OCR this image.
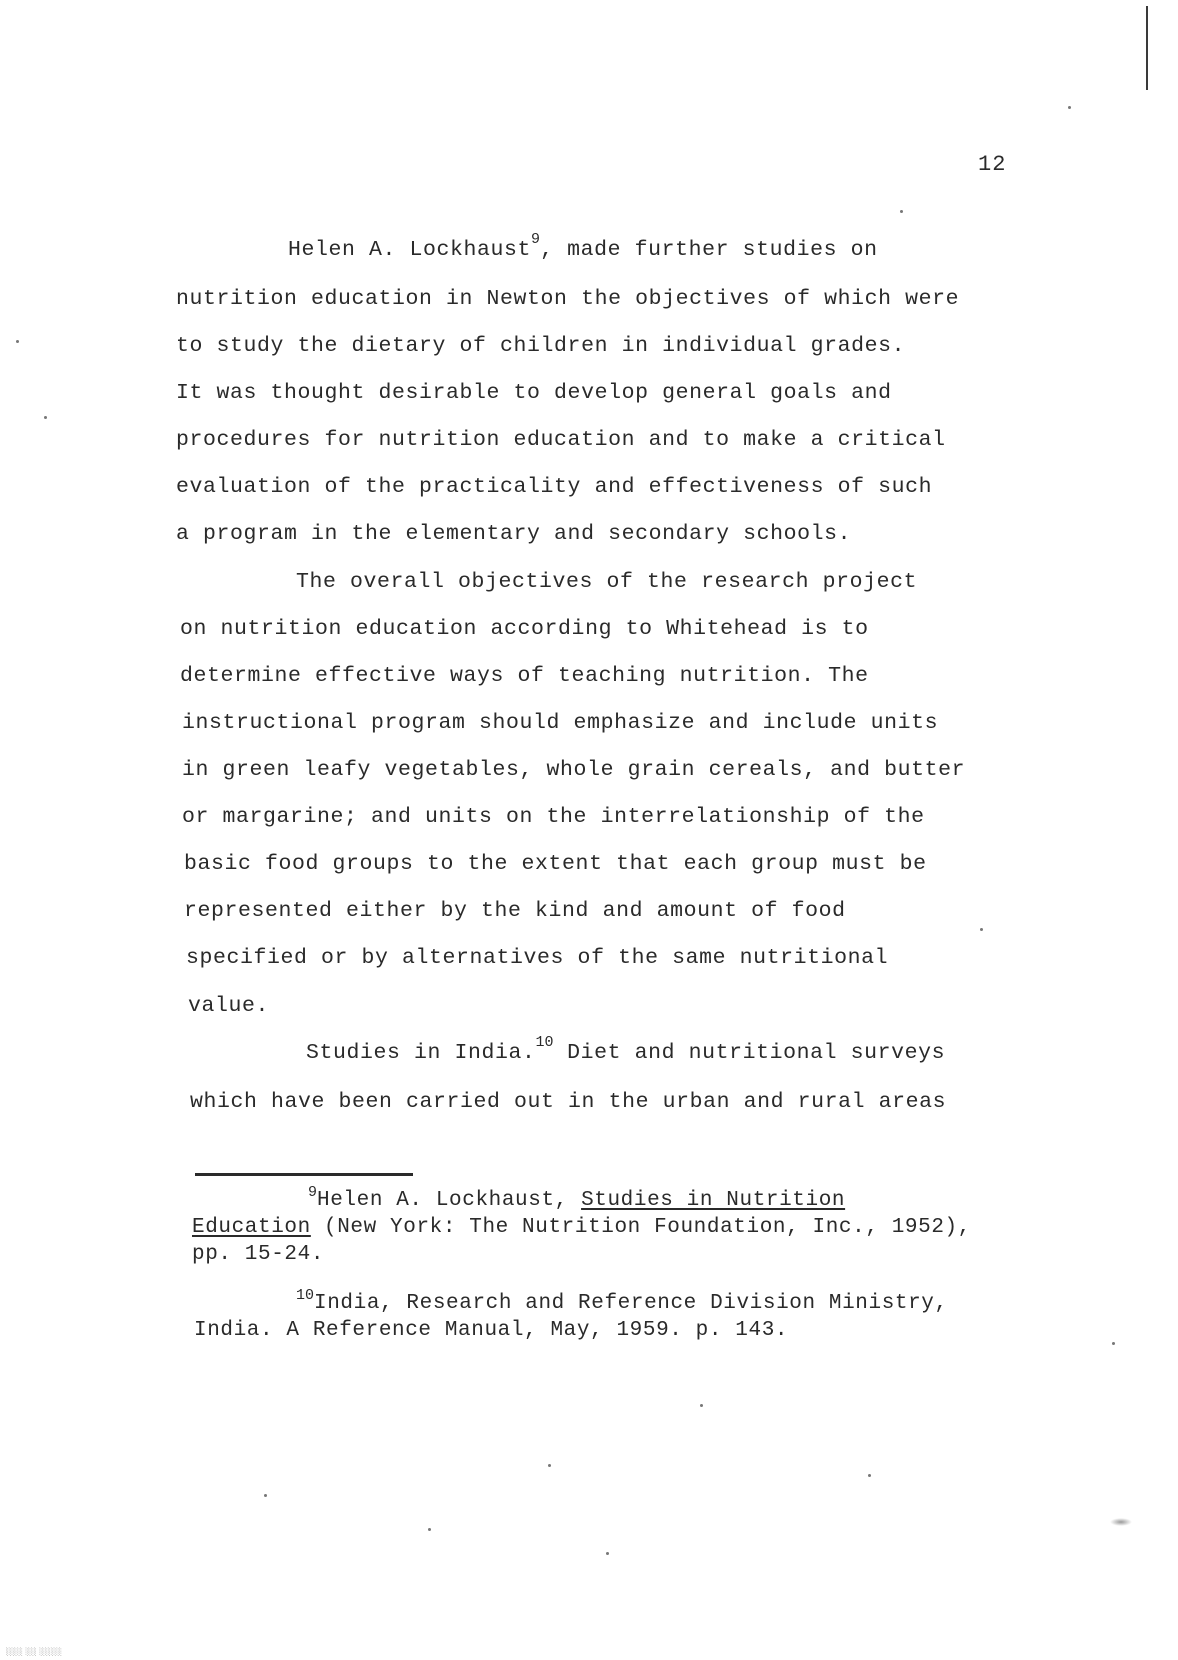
12
Helen A. Lockhaust$^9$, made further studies on
nutrition education in Newton the objectives of which were
to study the dietary of children in individual grades.
It was thought desirable to develop general goals and
procedures for nutrition education and to make a critical
evaluation of the practicality and effectiveness of such
a program in the elementary and secondary schools.
The overall objectives of the research project
on nutrition education according to Whitehead is to
determine effective ways of teaching nutrition. The
instructional program should emphasize and include units
in green leafy vegetables, whole grain cereals, and butter
or margarine; and units on the interrelationship of the
basic food groups to the extent that each group must be
represented either by the kind and amount of food
specified or by alternatives of the same nutritional
value.
Studies in India.$^{10}$ Diet and nutritional surveys
which have been carried out in the urban and rural areas
$^9$Helen A. Lockhaust, Studies in Nutrition
Education (New York: The Nutrition Foundation, Inc., 1952),
pp. 15-24.
$^{10}$India, Research and Reference Division Ministry,
India. A Reference Manual, May, 1959. p. 143.
░░░ ░░ ░░░░
